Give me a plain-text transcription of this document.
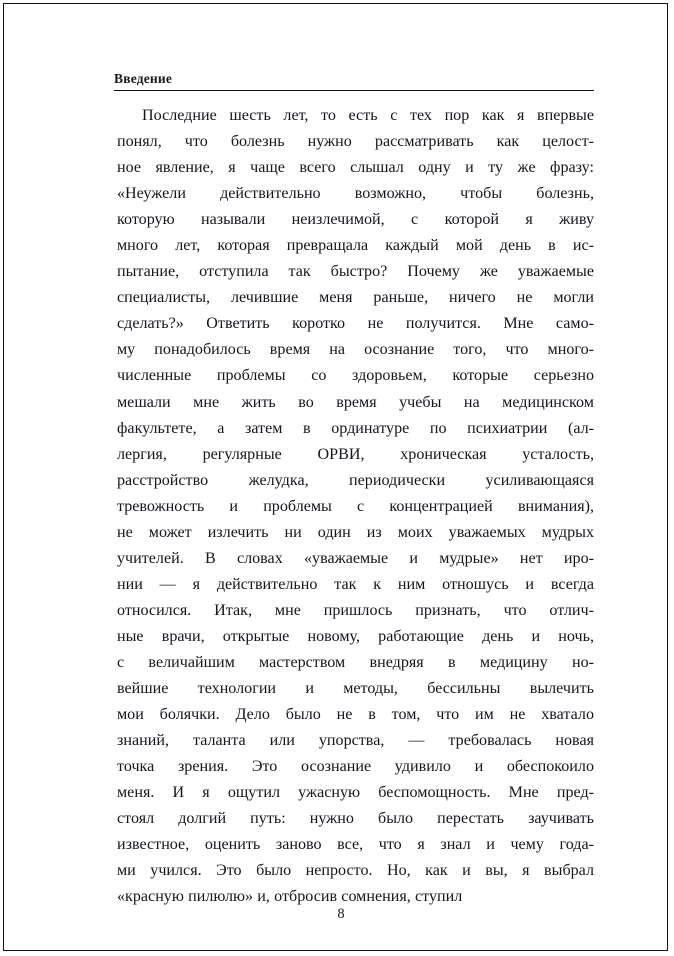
Введение

Последние шесть лет, то есть с тех пор как я впервые
понял, что болезнь нужно рассматривать как целост-
ное явление, я чаще всего слышал одну и ту же фразу:
«Неужели действительно возможно, чтобы болезнь,
которую называли неизлечимой, с которой я живу
много лет, которая превращала каждый мой день в ис-
пытание, отступила так быстро? Почему же уважаемые
специалисты, лечившие меня раньше, ничего не могли
сделать?» Ответить коротко не получится. Мне само-
му понадобилось время на осознание того, что много-
численные проблемы со здоровьем, которые серьезно
мешали мне жить во время учебы на медицинском
факультете, а затем в ординатуре по психиатрии (ал-
лергия, регулярные ОРВИ, хроническая усталость,
расстройство желудка, периодически усиливающаяся
тревожность и проблемы с концентрацией внимания),
не может излечить ни один из моих уважаемых мудрых
учителей. В словах «уважаемые и мудрые» нет иро-
нии — я действительно так к ним отношусь и всегда
относился. Итак, мне пришлось признать, что отлич-
ные врачи, открытые новому, работающие день и ночь,
с величайшим мастерством внедряя в медицину но-
вейшие технологии и методы, бессильны вылечить
мои болячки. Дело было не в том, что им не хватало
знаний, таланта или упорства, — требовалась новая
точка зрения. Это осознание удивило и обеспокоило
меня. И я ощутил ужасную беспомощность. Мне пред-
стоял долгий путь: нужно было перестать заучивать
известное, оценить заново все, что я знал и чему года-
ми учился. Это было непросто. Но, как и вы, я выбрал
«красную пилюлю» и, отбросив сомнения, ступил

8
